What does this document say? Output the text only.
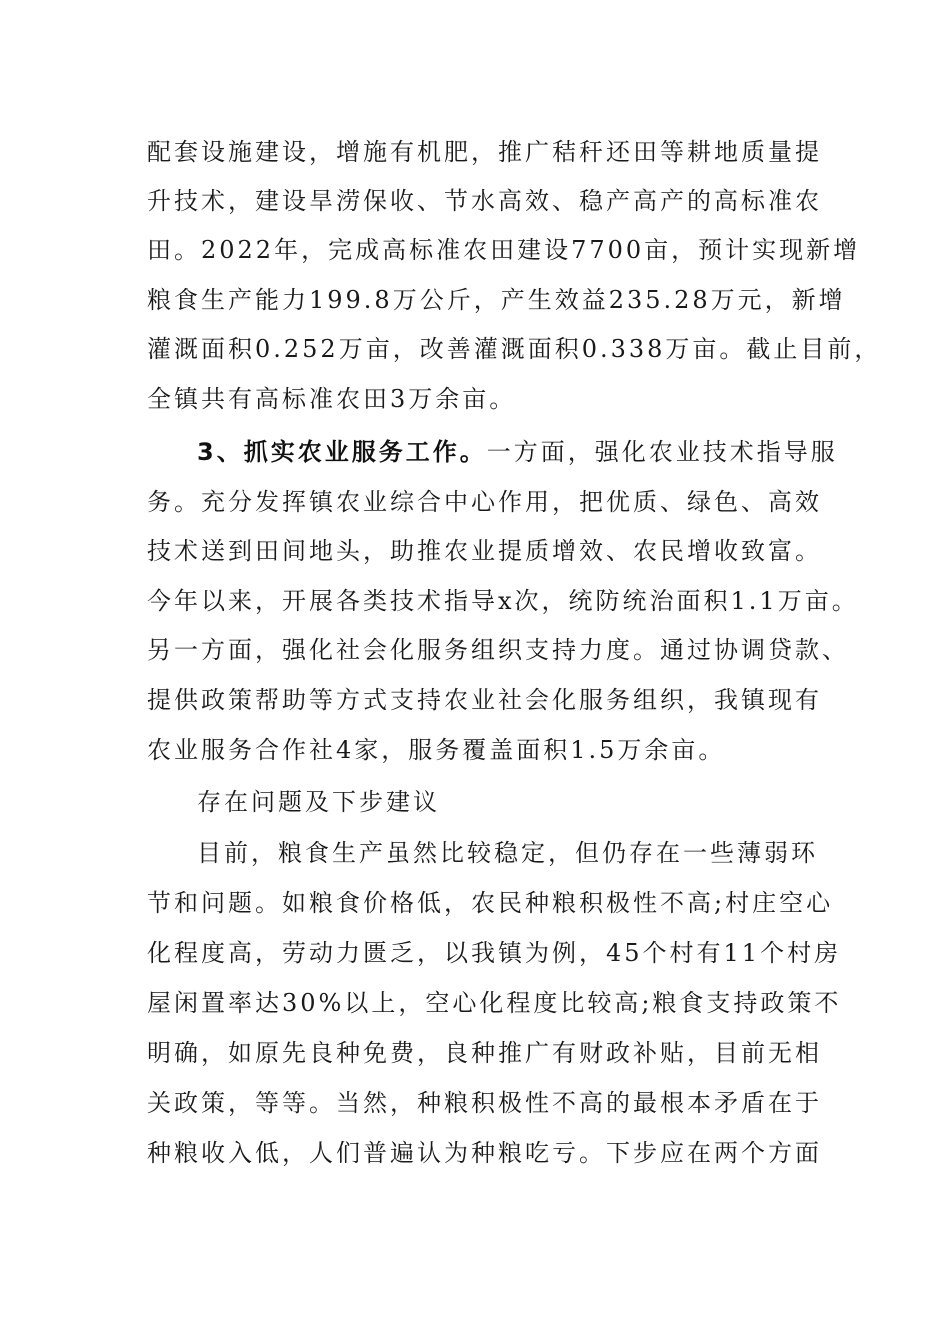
配套设施建设，增施有机肥，推广秸秆还田等耕地质量提
升技术，建设旱涝保收、节水高效、稳产高产的高标准农
田。2022年，完成高标准农田建设7700亩，预计实现新增
粮食生产能力199.8万公斤，产生效益235.28万元，新增
灌溉面积0.252万亩，改善灌溉面积0.338万亩。截止目前，
全镇共有高标准农田3万余亩。
3、抓实农业服务工作。一方面，强化农业技术指导服
务。充分发挥镇农业综合中心作用，把优质、绿色、高效
技术送到田间地头，助推农业提质增效、农民增收致富。
今年以来，开展各类技术指导x次，统防统治面积1.1万亩。
另一方面，强化社会化服务组织支持力度。通过协调贷款、
提供政策帮助等方式支持农业社会化服务组织，我镇现有
农业服务合作社4家，服务覆盖面积1.5万余亩。
存在问题及下步建议
目前，粮食生产虽然比较稳定，但仍存在一些薄弱环
节和问题。如粮食价格低，农民种粮积极性不高;村庄空心
化程度高，劳动力匮乏，以我镇为例，45个村有11个村房
屋闲置率达30%以上，空心化程度比较高;粮食支持政策不
明确，如原先良种免费，良种推广有财政补贴，目前无相
关政策，等等。当然，种粮积极性不高的最根本矛盾在于
种粮收入低，人们普遍认为种粮吃亏。下步应在两个方面
